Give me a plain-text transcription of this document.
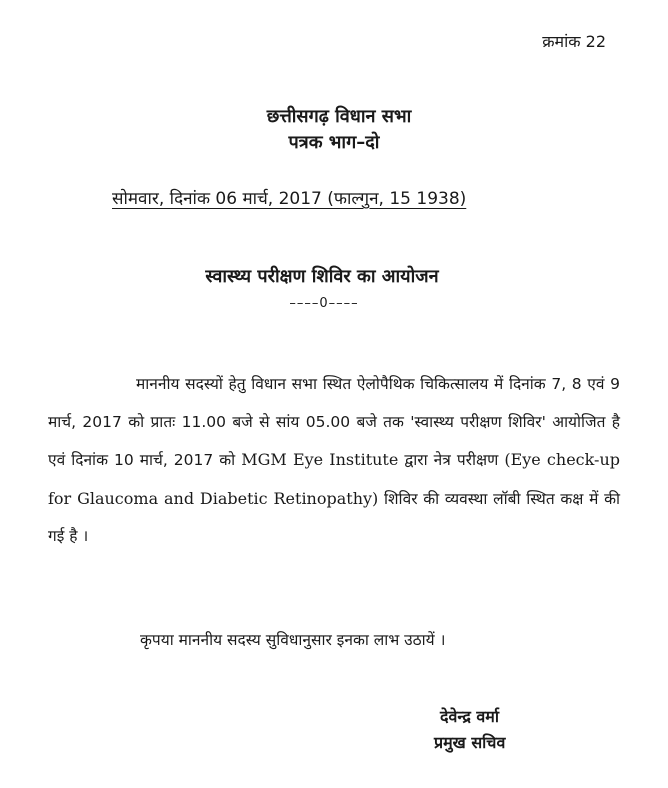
क्रमांक 22
छत्तीसगढ़ विधान सभा
पत्रक भाग–दो
सोमवार, दिनांक 06 मार्च, 2017 (फाल्गुन, 15 1938)
स्वास्थ्य परीक्षण शिविर का आयोजन
––––0––––
माननीय सदस्यों हेतु विधान सभा स्थित ऐलोपैथिक चिकित्सालय में दिनांक 7, 8 एवं 9 मार्च, 2017 को प्रातः 11.00 बजे से सांय 05.00 बजे तक 'स्वास्थ्य परीक्षण शिविर' आयोजित है एवं दिनांक 10 मार्च, 2017 को MGM Eye Institute द्वारा नेत्र परीक्षण (Eye check-up for Glaucoma and Diabetic Retinopathy) शिविर की व्यवस्था लॉबी स्थित कक्ष में की गई है ।
कृपया माननीय सदस्य सुविधानुसार इनका लाभ उठायें ।
देवेन्द्र वर्मा
प्रमुख सचिव
